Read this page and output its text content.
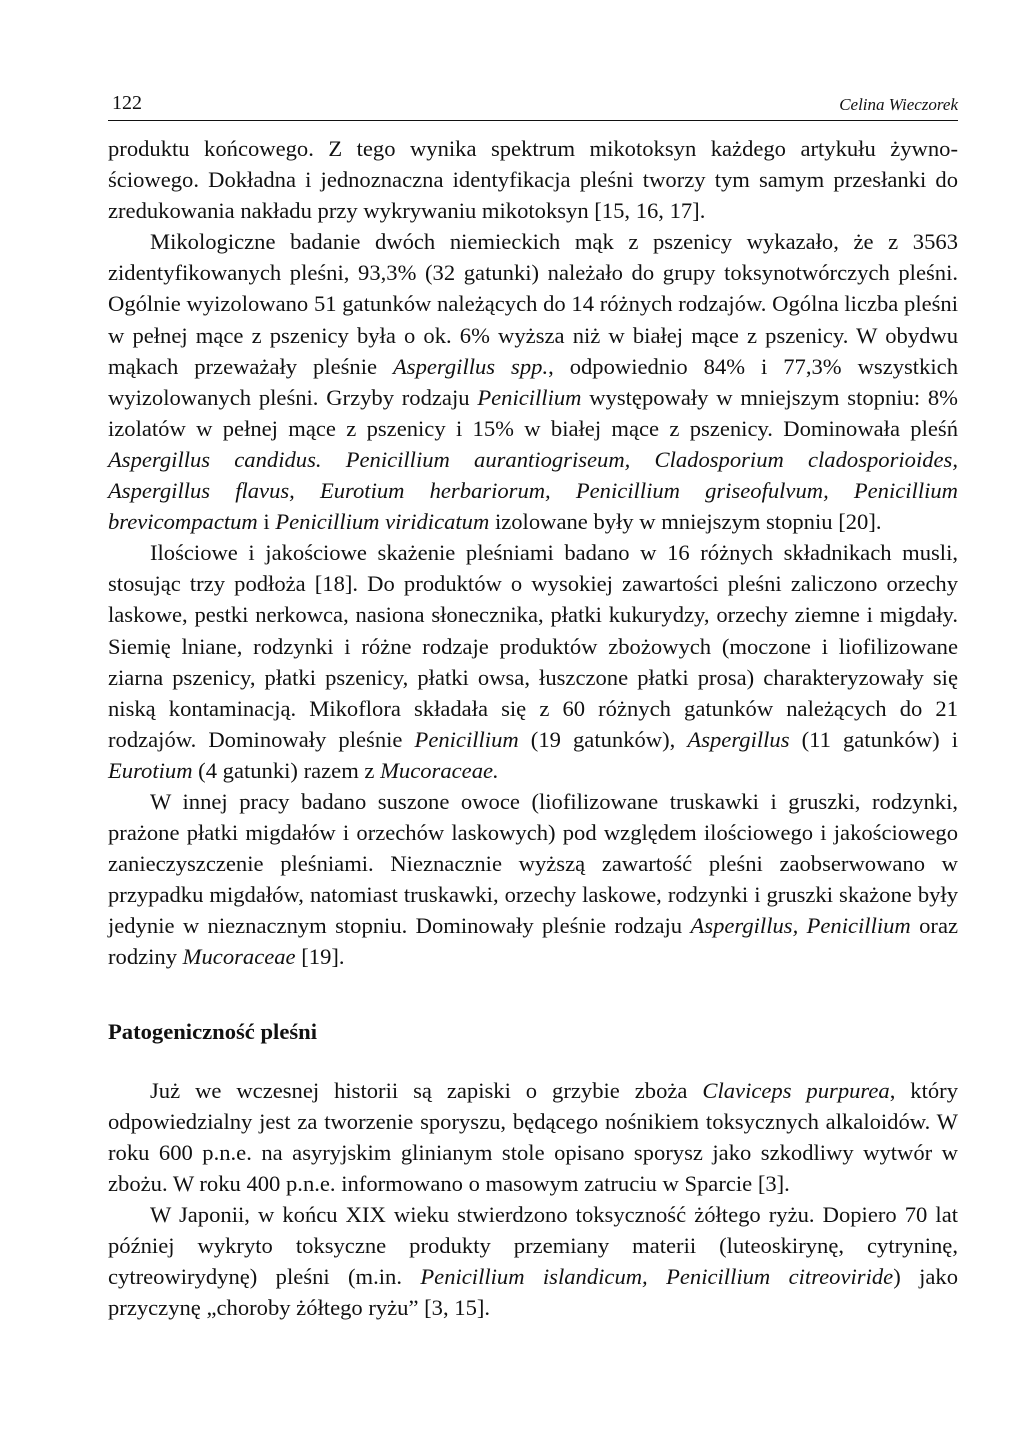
122	Celina Wieczorek

produktu końcowego. Z tego wynika spektrum mikotoksyn każdego artykułu żywnościowego. Dokładna i jednoznaczna identyfikacja pleśni tworzy tym samym przesłanki do zredukowania nakładu przy wykrywaniu mikotoksyn [15, 16, 17].

Mikologiczne badanie dwóch niemieckich mąk z pszenicy wykazało, że z 3563 zidentyfikowanych pleśni, 93,3% (32 gatunki) należało do grupy toksynotwórczych pleśni. Ogólnie wyizolowano 51 gatunków należących do 14 różnych rodzajów. Ogólna liczba pleśni w pełnej mące z pszenicy była o ok. 6% wyższa niż w białej mące z pszenicy. W obydwu mąkach przeważały pleśnie Aspergillus spp., odpowiednio 84% i 77,3% wszystkich wyizolowanych pleśni. Grzyby rodzaju Penicillium występowały w mniejszym stopniu: 8% izolatów w pełnej mące z pszenicy i 15% w białej mące z pszenicy. Dominowała pleśń Aspergillus candidus. Penicillium aurantiogriseum, Cladosporium cladosporioides, Aspergillus flavus, Eurotium herbariorum, Penicillium griseofulvum, Penicillium brevicompactum i Penicillium viridicatum izolowane były w mniejszym stopniu [20].

Ilościowe i jakościowe skażenie pleśniami badano w 16 różnych składnikach musli, stosując trzy podłoża [18]. Do produktów o wysokiej zawartości pleśni zaliczono orzechy laskowe, pestki nerkowca, nasiona słonecznika, płatki kukurydzy, orzechy ziemne i migdały. Siemię lniane, rodzynki i różne rodzaje produktów zbożowych (moczone i liofilizowane ziarna pszenicy, płatki pszenicy, płatki owsa, łuszczone płatki prosa) charakteryzowały się niską kontaminacją. Mikoflora składała się z 60 różnych gatunków należących do 21 rodzajów. Dominowały pleśnie Penicillium (19 gatunków), Aspergillus (11 gatunków) i Eurotium (4 gatunki) razem z Mucoraceae.

W innej pracy badano suszone owoce (liofilizowane truskawki i gruszki, rodzynki, prażone płatki migdałów i orzechów laskowych) pod względem ilościowego i jakościowego zanieczyszczenie pleśniami. Nieznacznie wyższą zawartość pleśni zaobserwowano w przypadku migdałów, natomiast truskawki, orzechy laskowe, rodzynki i gruszki skażone były jedynie w nieznacznym stopniu. Dominowały pleśnie rodzaju Aspergillus, Penicillium oraz rodziny Mucoraceae [19].

Patogeniczność pleśni

Już we wczesnej historii są zapiski o grzybie zboża Claviceps purpurea, który odpowiedzialny jest za tworzenie sporyszu, będącego nośnikiem toksycznych alkaloidów. W roku 600 p.n.e. na asyryjskim glinianym stole opisano sporysz jako szkodliwy wytwór w zbożu. W roku 400 p.n.e. informowano o masowym zatruciu w Sparcie [3].

W Japonii, w końcu XIX wieku stwierdzono toksyczność żółtego ryżu. Dopiero 70 lat później wykryto toksyczne produkty przemiany materii (luteoskirynę, cytryninę, cytreowirydynę) pleśni (m.in. Penicillium islandicum, Penicillium citreoviride) jako przyczynę „choroby żółtego ryżu” [3, 15].
